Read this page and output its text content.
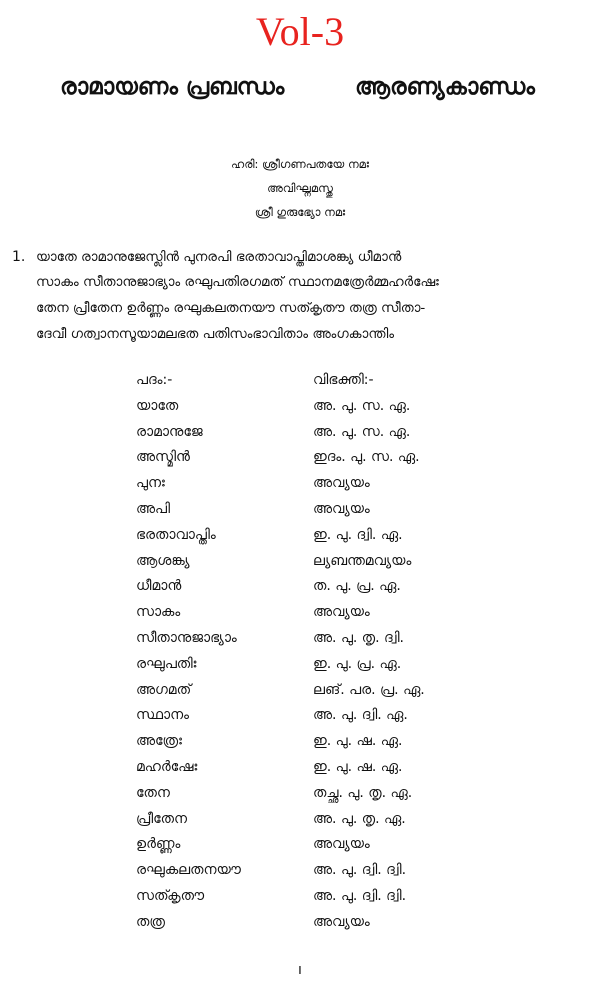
Vol-3
രാമായണം പ്രബന്ധം	ആരണ്യകാണ്ഡം
ഹരി: ശ്രീഗണപതയേ നമഃ
അവിഘ്നമസ്തു
ശ്രീ ഗുരുഭ്യോ നമഃ
1. യാതേ രാമാനുജേസ്ലിൻ പുനരപി ഭരതാവാപ്തിമാശങ്ക്യ ധീമാൻ
സാകം സീതാനുജാഭ്യാം രഘുപതിരഗമത് സ്ഥാനമത്രേർമ്മഹർഷേഃ
തേന പ്രീതേന ഉർണ്ണം രഘുകലതനയൗ സത്കൃതൗ തത്ര സീതാ-
ദേവീ ഗത്വാനസൂയാമലഭത പതിസംഭാവിതാം അംഗകാന്തിം
പദം:-	വിഭക്തി:-
യാതേ	അ. പു. സ. ഏ.
രാമാനുജേ	അ. പു. സ. ഏ.
അസ്മിൻ	ഇദം. പു. സ. ഏ.
പുനഃ	അവ്യയം
അപി	അവ്യയം
ഭരതാവാപ്തിം	ഇ. പു. ദ്വി. ഏ.
ആശങ്ക്യ	ല്യബന്തമവ്യയം
ധീമാൻ	ത. പു. പ്ര. ഏ.
സാകം	അവ്യയം
സീതാനുജാഭ്യാം	അ. പു. തൃ. ദ്വി.
രഘുപതിഃ	ഇ. പു. പ്ര. ഏ.
അഗമത്	ലങ്. പര. പ്ര. ഏ.
സ്ഥാനം	അ. പു. ദ്വി. ഏ.
അത്രേഃ	ഇ. പു. ഷ. ഏ.
മഹർഷേഃ	ഇ. പു. ഷ. ഏ.
തേന	തച്ഛ. പു. തൃ. ഏ.
പ്രീതേന	അ. പു. തൃ. ഏ.
ഉർണ്ണം	അവ്യയം
രഘുകലതനയൗ	അ. പു. ദ്വി. ദ്വി.
സത്കൃതൗ	അ. പു. ദ്വി. ദ്വി.
തത്ര	അവ്യയം
ı
